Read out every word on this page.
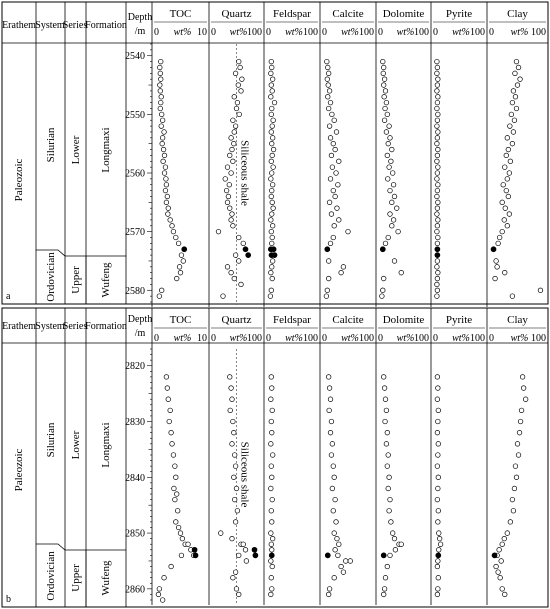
Erathem System
Series
Formation
Depth
/m
Paleozoic
Silurian
Ordovician
Lower
Upper
Longmaxi
Wufeng
a
2540
2550
2560
2570
2580
TOC
0 wt% 10
Quartz
0 wt% 100
Siliceous shale
Feldspar
0 wt% 100
Calcite
0 wt% 100
Dolomite
0 wt% 100
Pyrite
0 wt% 100
Clay
0 wt% 100
Erathem System
Series
Formation
Depth
/m
Paleozoic
Silurian
Ordovician
Lower
Upper
Longmaxi
Wufeng
b
2820
2830
2840
2850
2860
TOC
0 wt% 10
Quartz
0 wt% 100
Siliceous shale
Feldspar
0 wt% 100
Calcite
0 wt% 100
Dolomite
0 wt% 100
Pyrite
0 wt% 100
Clay
0 wt% 100
